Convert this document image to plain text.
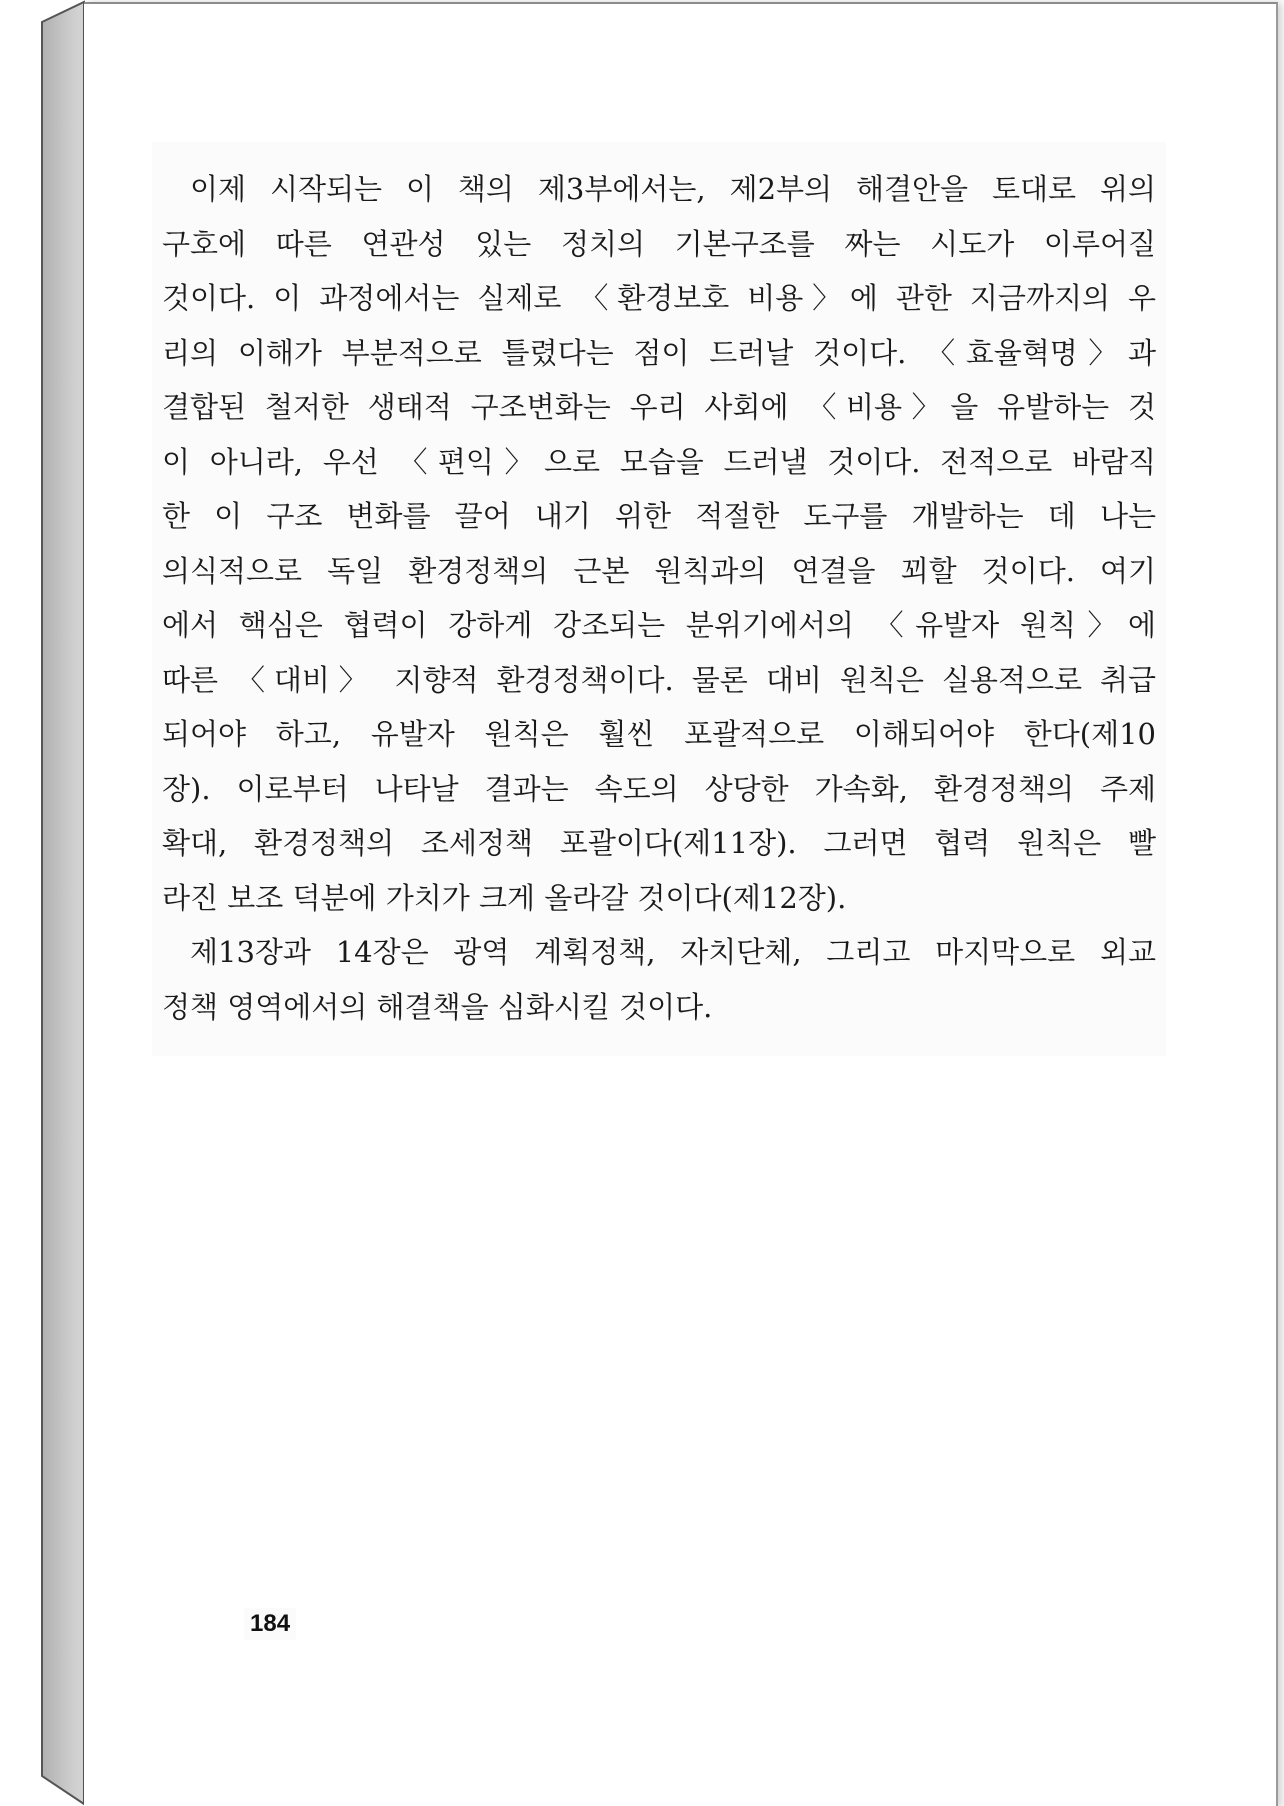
이제 시작되는 이 책의 제3부에서는, 제2부의 해결안을 토대로 위의
구호에 따른 연관성 있는 정치의 기본구조를 짜는 시도가 이루어질
것이다. 이 과정에서는 실제로 〈환경보호 비용〉에 관한 지금까지의 우
리의 이해가 부분적으로 틀렸다는 점이 드러날 것이다. 〈효율혁명〉과
결합된 철저한 생태적 구조변화는 우리 사회에 〈비용〉을 유발하는 것
이 아니라, 우선 〈편익〉으로 모습을 드러낼 것이다. 전적으로 바람직
한 이 구조 변화를 끌어 내기 위한 적절한 도구를 개발하는 데 나는
의식적으로 독일 환경정책의 근본 원칙과의 연결을 꾀할 것이다. 여기
에서 핵심은 협력이 강하게 강조되는 분위기에서의 〈유발자 원칙〉에
따른 〈대비〉 지향적 환경정책이다. 물론 대비 원칙은 실용적으로 취급
되어야 하고, 유발자 원칙은 훨씬 포괄적으로 이해되어야 한다(제10
장). 이로부터 나타날 결과는 속도의 상당한 가속화, 환경정책의 주제
확대, 환경정책의 조세정책 포괄이다(제11장). 그러면 협력 원칙은 빨
라진 보조 덕분에 가치가 크게 올라갈 것이다(제12장).

제13장과 14장은 광역 계획정책, 자치단체, 그리고 마지막으로 외교
정책 영역에서의 해결책을 심화시킬 것이다.

184
